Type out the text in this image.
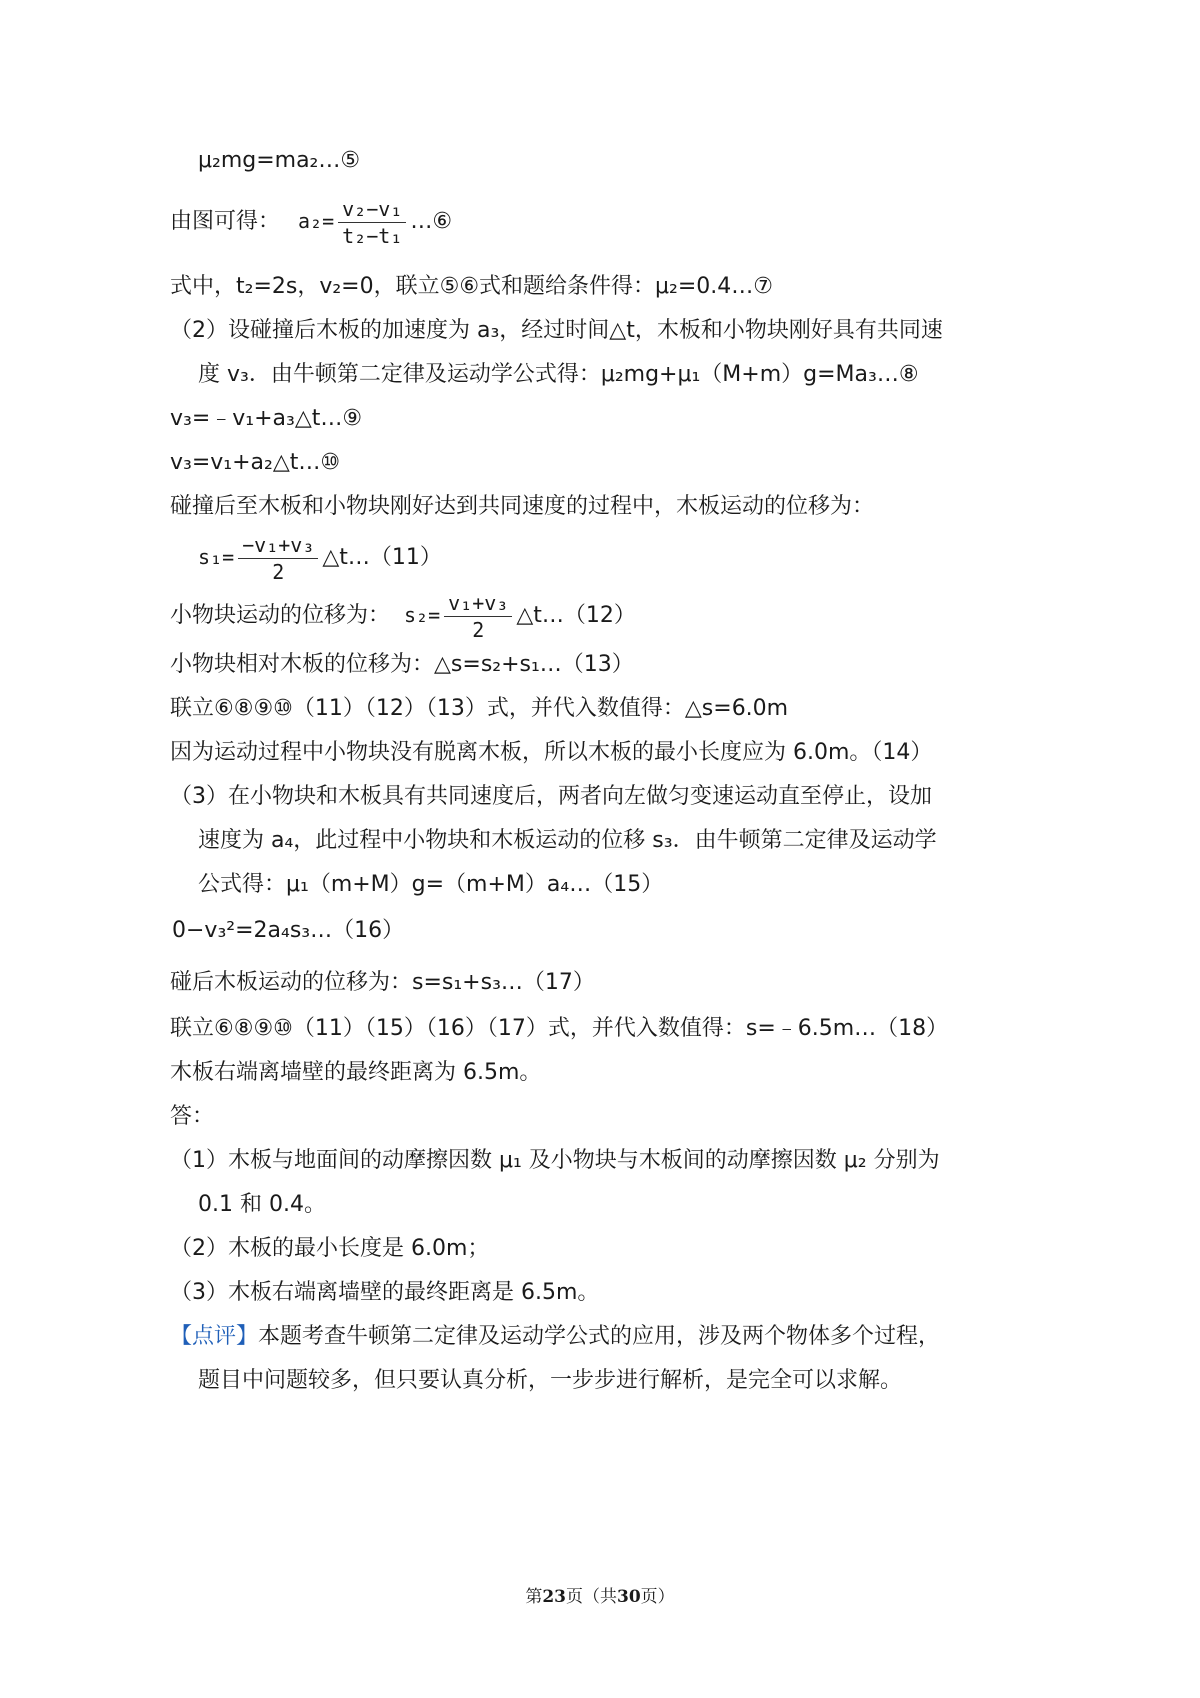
μ₂mg=ma₂…⑤
由图可得： $a_2= \frac{\text{v₂−v₁}}{\text{t₂−t₁}}$ …⑥
式中，t₂=2s，v₂=0，联立⑤⑥式和题给条件得：μ₂=0.4…⑦
（2）设碰撞后木板的加速度为 a₃，经过时间△t，木板和小物块刚好具有共同速
度 v₃．由牛顿第二定律及运动学公式得：μ₂mg+μ₁（M+m）g=Ma₃…⑧
v₃=﹣v₁+a₃△t…⑨
v₃=v₁+a₂△t…⑩
碰撞后至木板和小物块刚好达到共同速度的过程中，木板运动的位移为：
$s_1= \frac{\text{−v₁+v₃}}{2}$ △t…（11）
小物块运动的位移为： $s_2= \frac{\text{v₁+v₃}}{2}$ △t…（12）
小物块相对木板的位移为：△s=s₂+s₁…（13）
联立⑥⑧⑨⑩（11）（12）（13）式，并代入数值得：△s=6.0m
因为运动过程中小物块没有脱离木板，所以木板的最小长度应为 6.0m。（14）
（3）在小物块和木板具有共同速度后，两者向左做匀变速运动直至停止，设加
速度为 a₄，此过程中小物块和木板运动的位移 s₃．由牛顿第二定律及运动学
公式得：μ₁（m+M）g=（m+M）a₄…（15）
0−v₃²=2a₄s₃…（16）
碰后木板运动的位移为：s=s₁+s₃…（17）
联立⑥⑧⑨⑩（11）（15）（16）（17）式，并代入数值得：s=﹣6.5m…（18）
木板右端离墙壁的最终距离为 6.5m。
答：
（1）木板与地面间的动摩擦因数 μ₁ 及小物块与木板间的动摩擦因数 μ₂ 分别为
0.1 和 0.4。
（2）木板的最小长度是 6.0m；
（3）木板右端离墙壁的最终距离是 6.5m。
【点评】本题考查牛顿第二定律及运动学公式的应用，涉及两个物体多个过程，
题目中问题较多，但只要认真分析，一步步进行解析，是完全可以求解。
第23页（共30页）
